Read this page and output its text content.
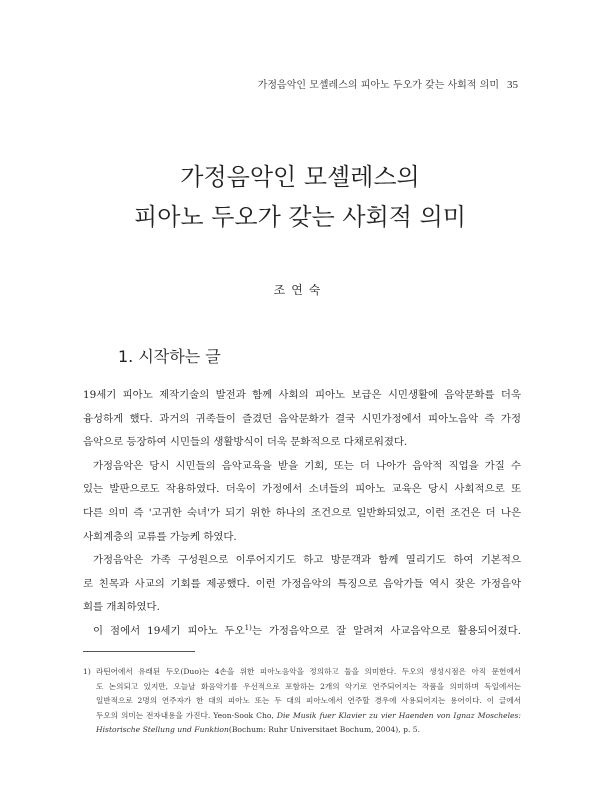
가정음악인 모셸레스의 피아노 두오가 갖는 사회적 의미 35
가정음악인 모셸레스의
피아노 두오가 갖는 사회적 의미
조연숙
1. 시작하는 글

19세기 피아노 제작기술의 발전과 함께 사회의 피아노 보급은 시민생활에 음악문화를 더욱
융성하게 했다. 과거의 귀족들이 즐겼던 음악문화가 결국 시민가정에서 피아노음악 즉 가정
음악으로 등장하여 시민들의 생활방식이 더욱 문화적으로 다채로워졌다.

가정음악은 당시 시민들의 음악교육을 받을 기회, 또는 더 나아가 음악적 직업을 가질 수
있는 발판으로도 작용하였다. 더욱이 가정에서 소녀들의 피아노 교육은 당시 사회적으로 또
다른 의미 즉 '고귀한 숙녀'가 되기 위한 하나의 조건으로 일반화되었고, 이런 조건은 더 나은
사회계층의 교류를 가능케 하였다.

가정음악은 가족 구성원으로 이루어지기도 하고 방문객과 함께 열리기도 하여 기본적으
로 친목과 사교의 기회를 제공했다. 이런 가정음악의 특징으로 음악가들 역시 잦은 가정음악
회를 개최하였다.

이 점에서 19세기 피아노 두오$^{1)}$는 가정음악으로 잘 알려져 사교음악으로 활용되어졌다.

1) 라틴어에서 유래된 두오(Duo)는 4손을 위한 피아노음악을 정의하고 둘을 의미한다. 두오의 생성시점은 아직 문헌에서
도 논의되고 있지만, 오늘날 화음악기를 우선적으로 포함하는 2개의 악기로 연주되어지는 작품을 의미하며 독일에서는
일반적으로 2명의 연주자가 한 대의 피아노 또는 두 대의 피아노에서 연주할 경우에 사용되어지는 용어이다. 이 글에서
두오의 의미는 전자내용을 가진다. Yeon-Sook Cho, Die Musik fuer Klavier zu vier Haenden von Ignaz Moscheles:
Historische Stellung und Funktion(Bochum: Ruhr Universitaet Bochum, 2004), p. 5.
